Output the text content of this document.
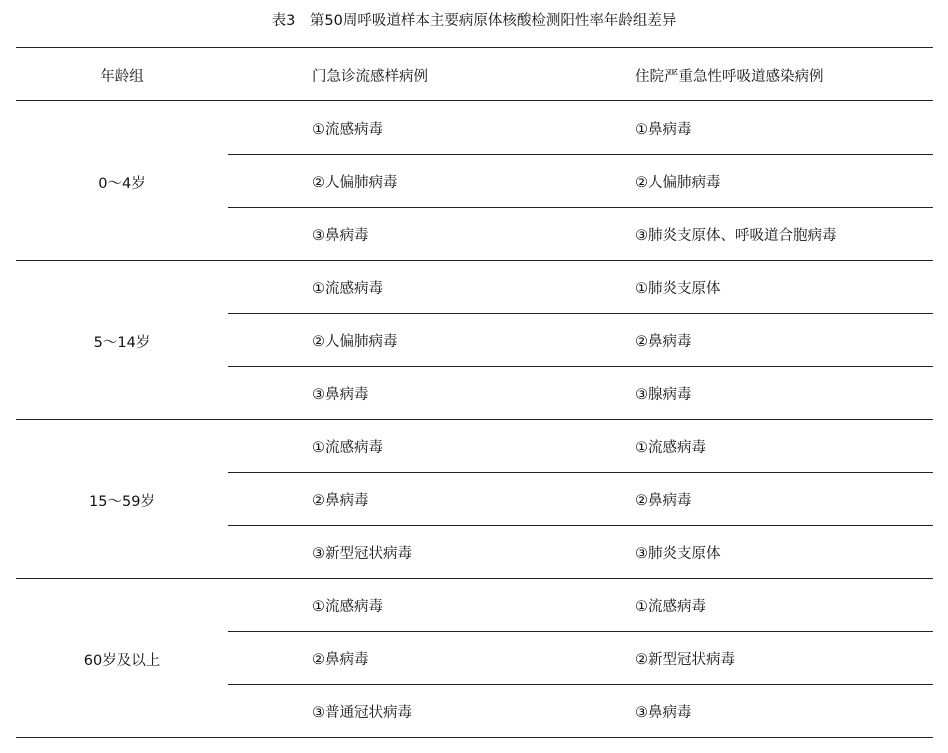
表3　第50周呼吸道样本主要病原体核酸检测阳性率年龄组差异
年龄组	门急诊流感样病例	住院严重急性呼吸道感染病例
0～4岁
①流感病毒	①鼻病毒
②人偏肺病毒	②人偏肺病毒
③鼻病毒	③肺炎支原体、呼吸道合胞病毒
5～14岁
①流感病毒	①肺炎支原体
②人偏肺病毒	②鼻病毒
③鼻病毒	③腺病毒
15～59岁
①流感病毒	①流感病毒
②鼻病毒	②鼻病毒
③新型冠状病毒	③肺炎支原体
60岁及以上
①流感病毒	①流感病毒
②鼻病毒	②新型冠状病毒
③普通冠状病毒	③鼻病毒
